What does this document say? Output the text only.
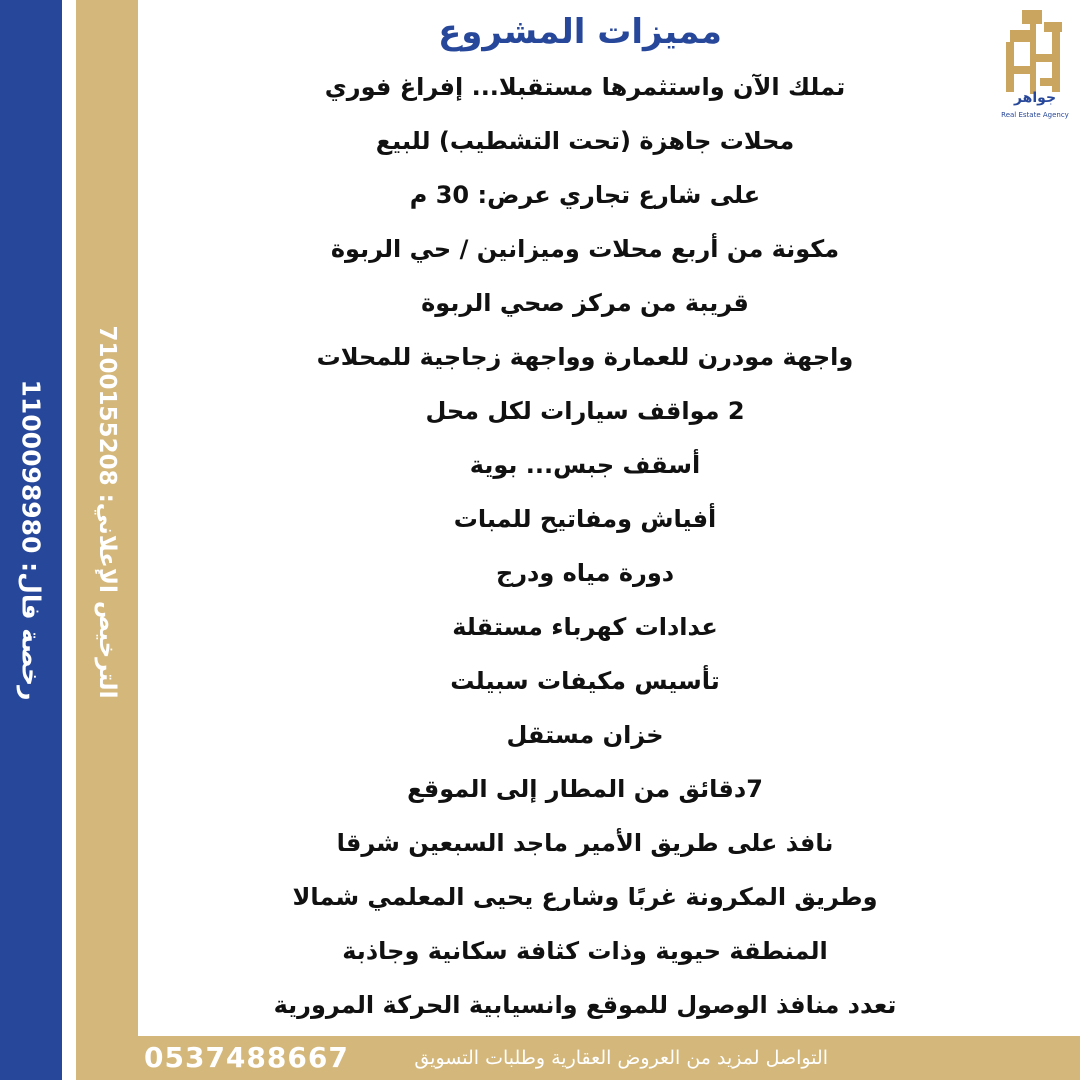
رخصة فال: 1100098980
الترخيص الإعلاني: 7100155208
جواهر
Real Estate Agency
مميزات المشروع
تملك الآن واستثمرها مستقبلا... إفراغ فوري
محلات جاهزة (تحت التشطيب) للبيع
على شارع تجاري عرض: 30 م
مكونة من أربع محلات وميزانين / حي الربوة
قريبة من مركز صحي الربوة
واجهة مودرن للعمارة وواجهة زجاجية للمحلات
2 مواقف سيارات لكل محل
أسقف جبس... بوية
أفياش ومفاتيح للمبات
دورة مياه ودرج
عدادات كهرباء مستقلة
تأسيس مكيفات سبيلت
خزان مستقل
7دقائق من المطار إلى الموقع
نافذ على طريق الأمير ماجد السبعين شرقا
وطريق المكرونة غربًا وشارع يحيى المعلمي شمالا
المنطقة حيوية وذات كثافة سكانية وجاذبة
تعدد منافذ الوصول للموقع وانسيابية الحركة المرورية
التواصل لمزيد من العروض العقارية وطلبات التسويق
0537488667
